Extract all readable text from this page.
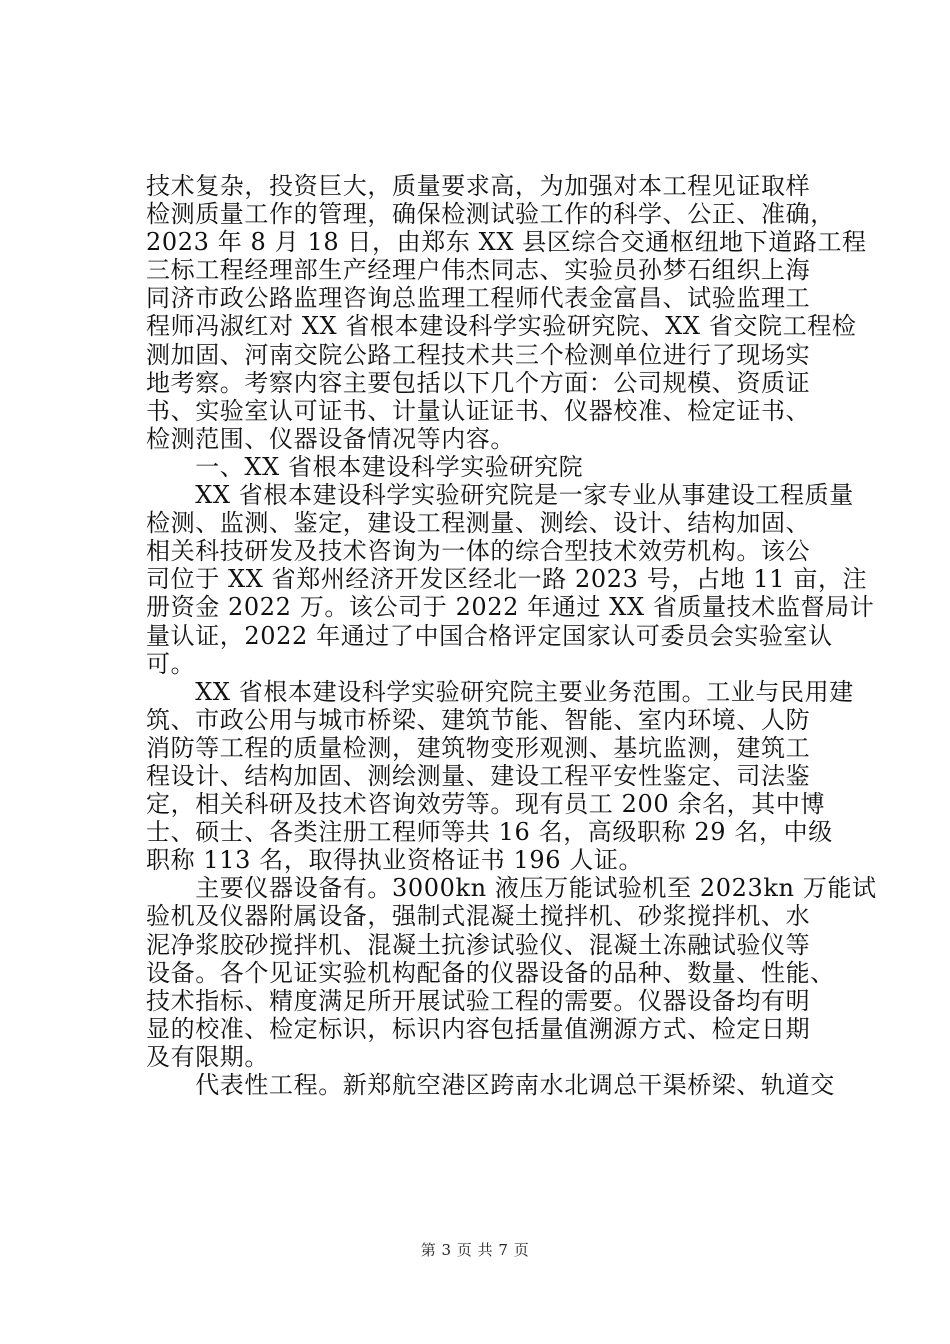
技术复杂，投资巨大，质量要求高，为加强对本工程见证取样
检测质量工作的管理，确保检测试验工作的科学、公正、准确，
2023 年 8 月 18 日，由郑东 XX 县区综合交通枢纽地下道路工程
三标工程经理部生产经理户伟杰同志、实验员孙梦石组织上海
同济市政公路监理咨询总监理工程师代表金富昌、试验监理工
程师冯淑红对 XX 省根本建设科学实验研究院、XX 省交院工程检
测加固、河南交院公路工程技术共三个检测单位进行了现场实
地考察。考察内容主要包括以下几个方面：公司规模、资质证
书、实验室认可证书、计量认证证书、仪器校准、检定证书、
检测范围、仪器设备情况等内容。
　　一、XX 省根本建设科学实验研究院
　　XX 省根本建设科学实验研究院是一家专业从事建设工程质量
检测、监测、鉴定，建设工程测量、测绘、设计、结构加固、
相关科技研发及技术咨询为一体的综合型技术效劳机构。该公
司位于 XX 省郑州经济开发区经北一路 2023 号，占地 11 亩，注
册资金 2022 万。该公司于 2022 年通过 XX 省质量技术监督局计
量认证，2022 年通过了中国合格评定国家认可委员会实验室认
可。
　　XX 省根本建设科学实验研究院主要业务范围。工业与民用建
筑、市政公用与城市桥梁、建筑节能、智能、室内环境、人防
消防等工程的质量检测，建筑物变形观测、基坑监测，建筑工
程设计、结构加固、测绘测量、建设工程平安性鉴定、司法鉴
定，相关科研及技术咨询效劳等。现有员工 200 余名，其中博
士、硕士、各类注册工程师等共 16 名，高级职称 29 名，中级
职称 113 名，取得执业资格证书 196 人证。
　　主要仪器设备有。3000kn 液压万能试验机至 2023kn 万能试
验机及仪器附属设备，强制式混凝土搅拌机、砂浆搅拌机、水
泥净浆胶砂搅拌机、混凝土抗渗试验仪、混凝土冻融试验仪等
设备。各个见证实验机构配备的仪器设备的品种、数量、性能、
技术指标、精度满足所开展试验工程的需要。仪器设备均有明
显的校准、检定标识，标识内容包括量值溯源方式、检定日期
及有限期。
　　代表性工程。新郑航空港区跨南水北调总干渠桥梁、轨道交
第 3 页 共 7 页
